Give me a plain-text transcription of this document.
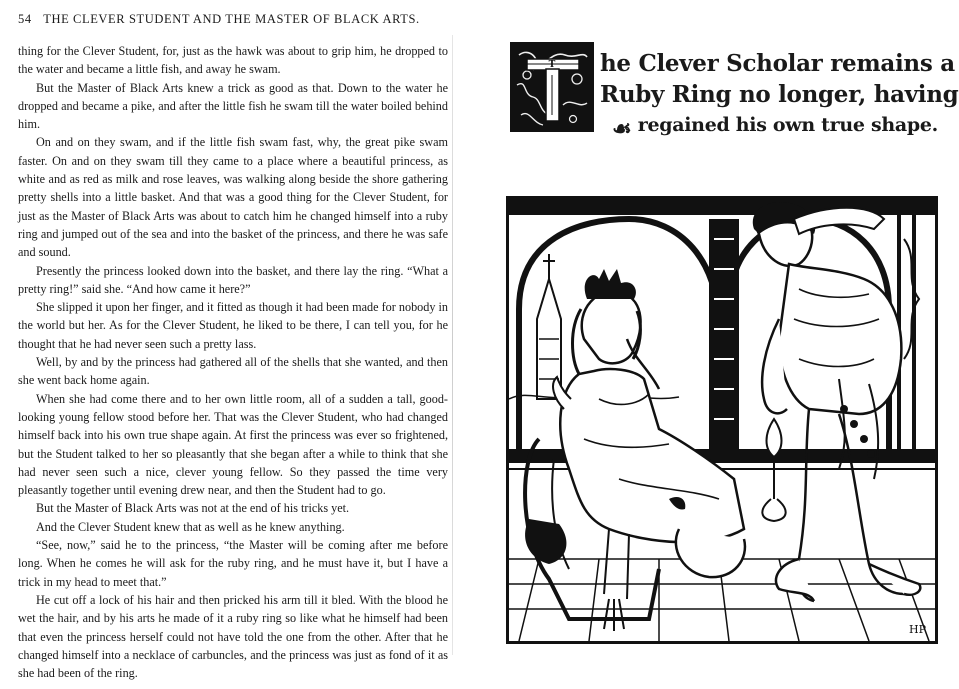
54 THE CLEVER STUDENT AND THE MASTER OF BLACK ARTS.

thing for the Clever Student, for, just as the hawk was about to grip him, he dropped to the water and became a little fish, and away he swam.

But the Master of Black Arts knew a trick as good as that. Down to the water he dropped and became a pike, and after the little fish he swam till the water boiled behind him.

On and on they swam, and if the little fish swam fast, why, the great pike swam faster. On and on they swam till they came to a place where a beautiful princess, as white and as red as milk and rose leaves, was walking along beside the shore gathering pretty shells into a little basket. And that was a good thing for the Clever Student, for just as the Master of Black Arts was about to catch him he changed himself into a ruby ring and jumped out of the sea and into the basket of the princess, and there he was safe and sound.

Presently the princess looked down into the basket, and there lay the ring. “What a pretty ring!” said she. “And how came it here?”

She slipped it upon her finger, and it fitted as though it had been made for nobody in the world but her. As for the Clever Student, he liked to be there, I can tell you, for he thought that he had never seen such a pretty lass.

Well, by and by the princess had gathered all of the shells that she wanted, and then she went back home again.

When she had come there and to her own little room, all of a sudden a tall, good-looking young fellow stood before her. That was the Clever Student, who had changed himself back into his own true shape again. At first the princess was ever so frightened, but the Student talked to her so pleasantly that she began after a while to think that she had never seen such a nice, clever young fellow. So they passed the time very pleasantly together until evening drew near, and then the Student had to go.

But the Master of Black Arts was not at the end of his tricks yet.

And the Clever Student knew that as well as he knew anything.

“See, now,” said he to the princess, “the Master will be coming after me before long. When he comes he will ask for the ruby ring, and he must have it, but I have a trick in my head to meet that.”

He cut off a lock of his hair and then pricked his arm till it bled. With the blood he wet the hair, and by his arts he made of it a ruby ring so like what he himself had been that even the princess herself could not have told the one from the other. After that he changed himself into a necklace of carbuncles, and the princess was just as fond of it as she had been of the ring.

T he Clever Scholar remains a
Ruby Ring no longer, having
regained his own true shape.
☙
HP
